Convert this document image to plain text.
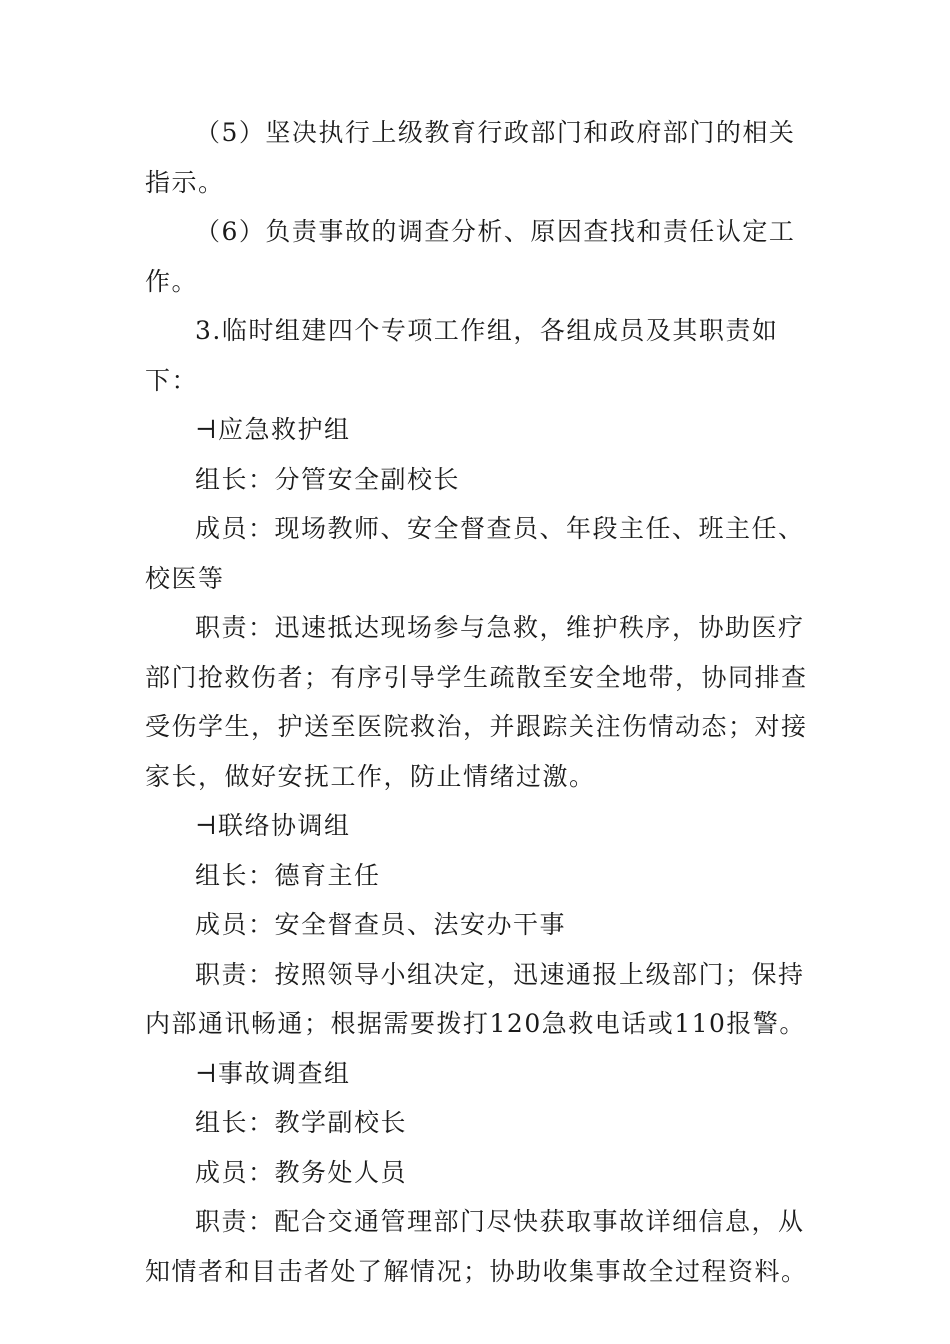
（5）坚决执行上级教育行政部门和政府部门的相关指示。

（6）负责事故的调查分析、原因查找和责任认定工作。

3.临时组建四个专项工作组，各组成员及其职责如下：

⊣应急救护组

组长：分管安全副校长

成员：现场教师、安全督查员、年段主任、班主任、校医等

职责：迅速抵达现场参与急救，维护秩序，协助医疗部门抢救伤者；有序引导学生疏散至安全地带，协同排查受伤学生，护送至医院救治，并跟踪关注伤情动态；对接家长，做好安抚工作，防止情绪过激。

⊣联络协调组

组长：德育主任

成员：安全督查员、法安办干事

职责：按照领导小组决定，迅速通报上级部门；保持内部通讯畅通；根据需要拨打120急救电话或110报警。

⊣事故调查组

组长：教学副校长

成员：教务处人员

职责：配合交通管理部门尽快获取事故详细信息，从知情者和目击者处了解情况；协助收集事故全过程资料。
